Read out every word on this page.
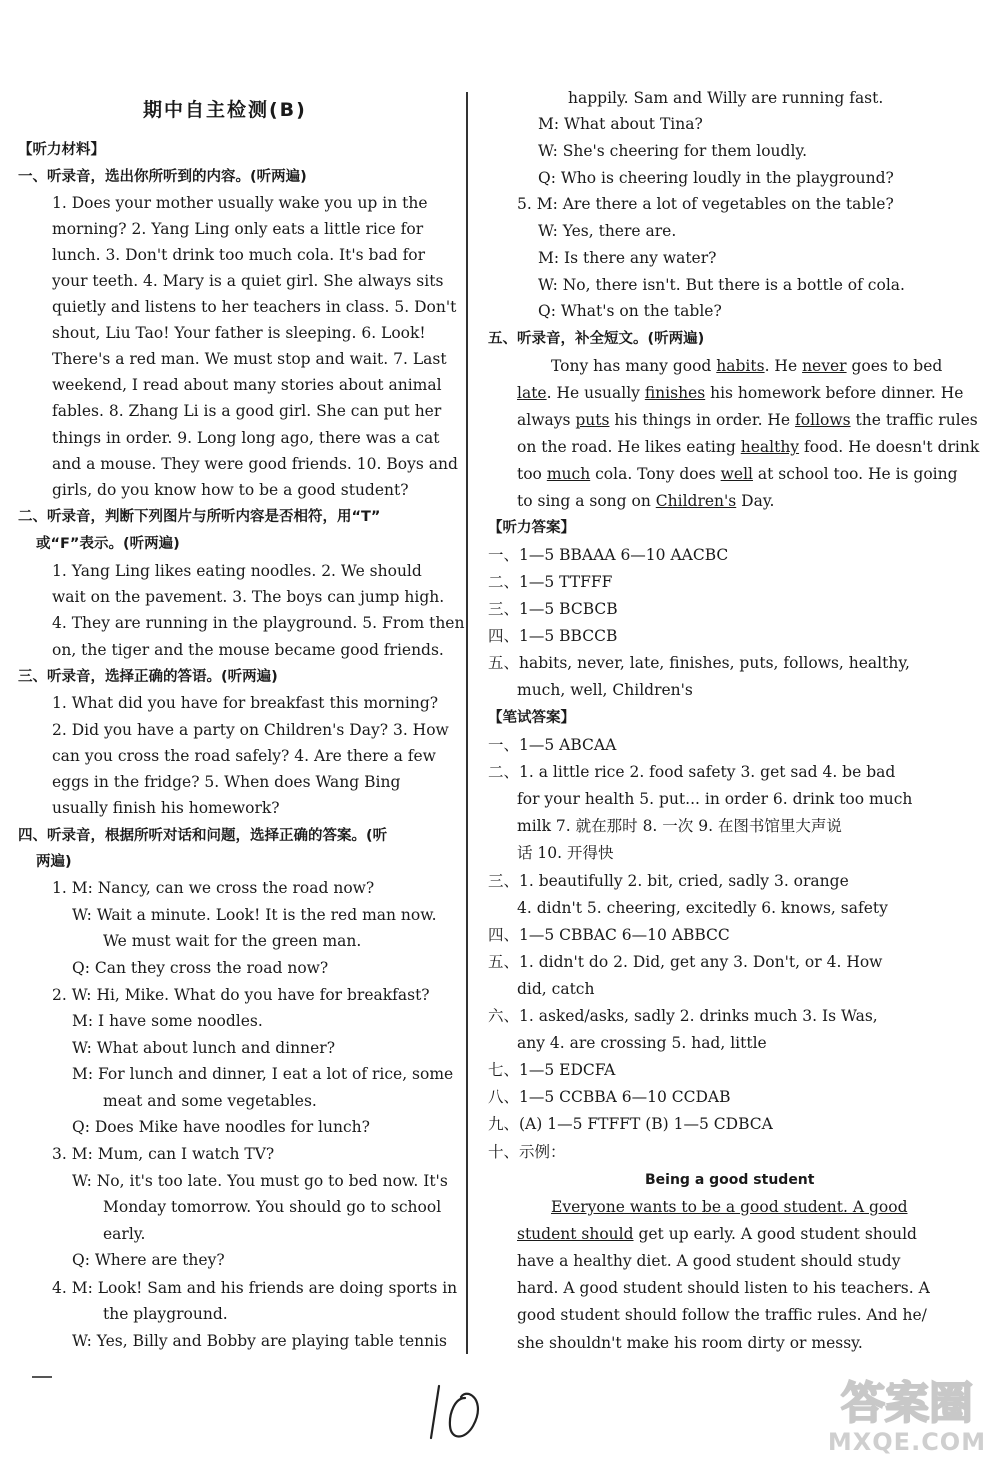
期中自主检测(B)
Being a good student
【听力材料】
一、听录音，选出你所听到的内容。(听两遍)
1. Does your mother usually wake you up in the
morning? 2. Yang Ling only eats a little rice for
lunch. 3. Don't drink too much cola. It's bad for
your teeth. 4. Mary is a quiet girl. She always sits
quietly and listens to her teachers in class. 5. Don't
shout, Liu Tao! Your father is sleeping. 6. Look!
There's a red man. We must stop and wait. 7. Last
weekend, I read about many stories about animal
fables. 8. Zhang Li is a good girl. She can put her
things in order. 9. Long long ago, there was a cat
and a mouse. They were good friends. 10. Boys and
girls, do you know how to be a good student?
二、听录音，判断下列图片与所听内容是否相符，用“T”
或“F”表示。(听两遍)
1. Yang Ling likes eating noodles. 2. We should
wait on the pavement. 3. The boys can jump high.
4. They are running in the playground. 5. From then
on, the tiger and the mouse became good friends.
三、听录音，选择正确的答语。(听两遍)
1. What did you have for breakfast this morning?
2. Did you have a party on Children's Day? 3. How
can you cross the road safely? 4. Are there a few
eggs in the fridge? 5. When does Wang Bing
usually finish his homework?
四、听录音，根据所听对话和问题，选择正确的答案。(听
两遍)
1. M: Nancy, can we cross the road now?
W: Wait a minute. Look! It is the red man now.
We must wait for the green man.
Q: Can they cross the road now?
2. W: Hi, Mike. What do you have for breakfast?
M: I have some noodles.
W: What about lunch and dinner?
M: For lunch and dinner, I eat a lot of rice, some
meat and some vegetables.
Q: Does Mike have noodles for lunch?
3. M: Mum, can I watch TV?
W: No, it's too late. You must go to bed now. It's
Monday tomorrow. You should go to school
early.
Q: Where are they?
4. M: Look! Sam and his friends are doing sports in
the playground.
W: Yes, Billy and Bobby are playing table tennis
happily. Sam and Willy are running fast.
M: What about Tina?
W: She's cheering for them loudly.
Q: Who is cheering loudly in the playground?
5. M: Are there a lot of vegetables on the table?
W: Yes, there are.
M: Is there any water?
W: No, there isn't. But there is a bottle of cola.
Q: What's on the table?
五、听录音，补全短文。(听两遍)
Tony has many good habits. He never goes to bed
late. He usually finishes his homework before dinner. He
always puts his things in order. He follows the traffic rules
on the road. He likes eating healthy food. He doesn't drink
too much cola. Tony does well at school too. He is going
to sing a song on Children's Day.
【听力答案】
一、1—5 BBAAA 6—10 AACBC
二、1—5 TTFFF
三、1—5 BCBCB
四、1—5 BBCCB
五、habits, never, late, finishes, puts, follows, healthy,
much, well, Children's
【笔试答案】
一、1—5 ABCAA
二、1. a little rice 2. food safety 3. get sad 4. be bad
for your health 5. put... in order 6. drink too much
milk 7. 就在那时 8. 一次 9. 在图书馆里大声说
话 10. 开得快
三、1. beautifully 2. bit, cried, sadly 3. orange
4. didn't 5. cheering, excitedly 6. knows, safety
四、1—5 CBBAC 6—10 ABBCC
五、1. didn't do 2. Did, get any 3. Don't, or 4. How
did, catch
六、1. asked/asks, sadly 2. drinks much 3. Is Was,
any 4. are crossing 5. had, little
七、1—5 EDCFA
八、1—5 CCBBA 6—10 CCDAB
九、(A) 1—5 FTFFT (B) 1—5 CDBCA
十、示例：
Everyone wants to be a good student. A good
student should get up early. A good student should
have a healthy diet. A good student should study
hard. A good student should listen to his teachers. A
good student should follow the traffic rules. And he/
she shouldn't make his room dirty or messy.
答案圈
MXQE.COM
